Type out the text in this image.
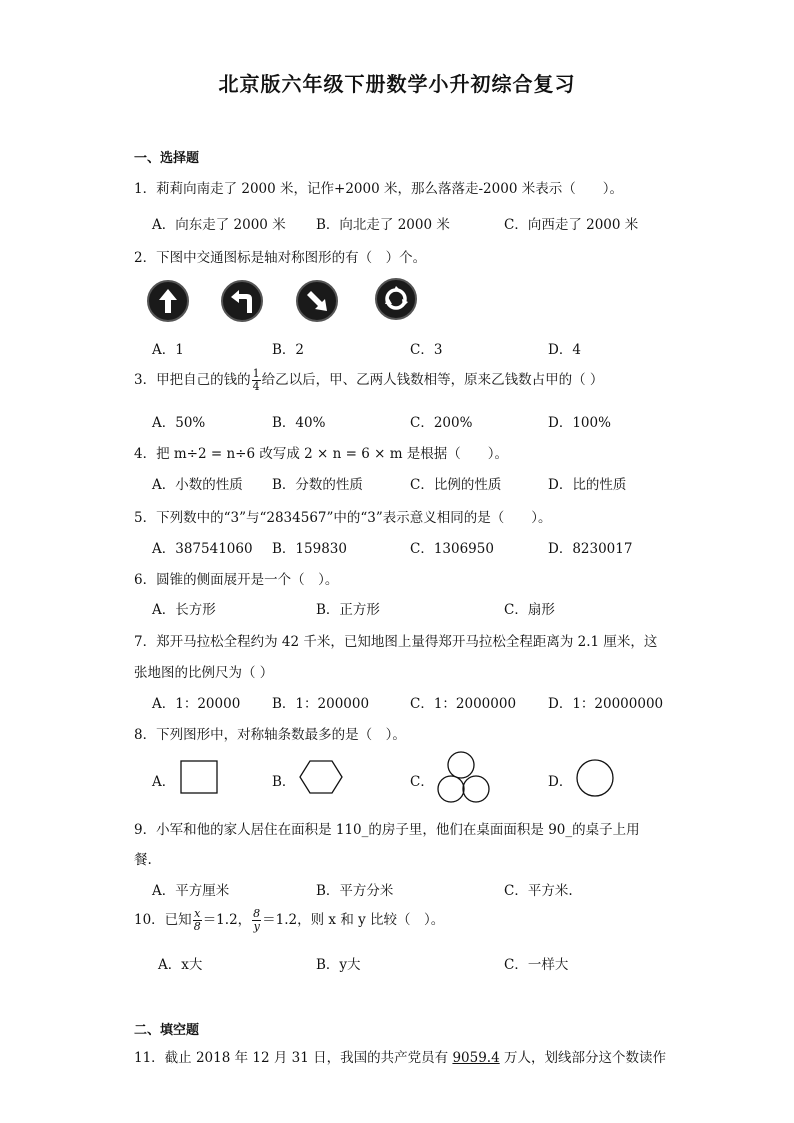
北京版六年级下册数学小升初综合复习
一、选择题
1．莉莉向南走了 2000 米，记作+2000 米，那么落落走-2000 米表示（　　）。
A．向东走了 2000 米 B．向北走了 2000 米	C．向西走了 2000 米
2．下图中交通图标是轴对称图形的有（　）个。
A．1	B．2	C．3	D．4
3．甲把自己的钱的 $\frac{1}{4}$ 给乙以后，甲、乙两人钱数相等，原来乙钱数占甲的（ ）
A．50%	B．40%	C．200%	D．100%
4．把 m÷2 = n÷6 改写成 2 × n = 6 × m 是根据（　　）。
A．小数的性质 B．分数的性质	C．比例的性质	D．比的性质
5．下列数中的“3”与“2834567”中的“3”表示意义相同的是（　　）。
A．387541060 B．159830	C．1306950	D．8230017
6．圆锥的侧面展开是一个（　）。
A．长方形	B．正方形	C．扇形
7．郑开马拉松全程约为 42 千米，已知地图上量得郑开马拉松全程距离为 2.1 厘米，这
张地图的比例尺为（ ）
A．1：20000 B．1：200000	C．1：2000000 D．1：20000000
8．下列图形中，对称轴条数最多的是（　）。
A．	B．	C．	D．
9．小军和他的家人居住在面积是 110_的房子里，他们在桌面面积是 90_的桌子上用
餐.
A．平方厘米	B．平方分米	C．平方米.
10．已知 $\frac{x}{8} =1.2$， $\frac{8}{y} =1.2$，则 x 和 y 比较（　）。
A．x大	B．y大	C．一样大
二、填空题
11．截止 2018 年 12 月 31 日，我国的共产党员有 9059.4 万人，划线部分这个数读作
